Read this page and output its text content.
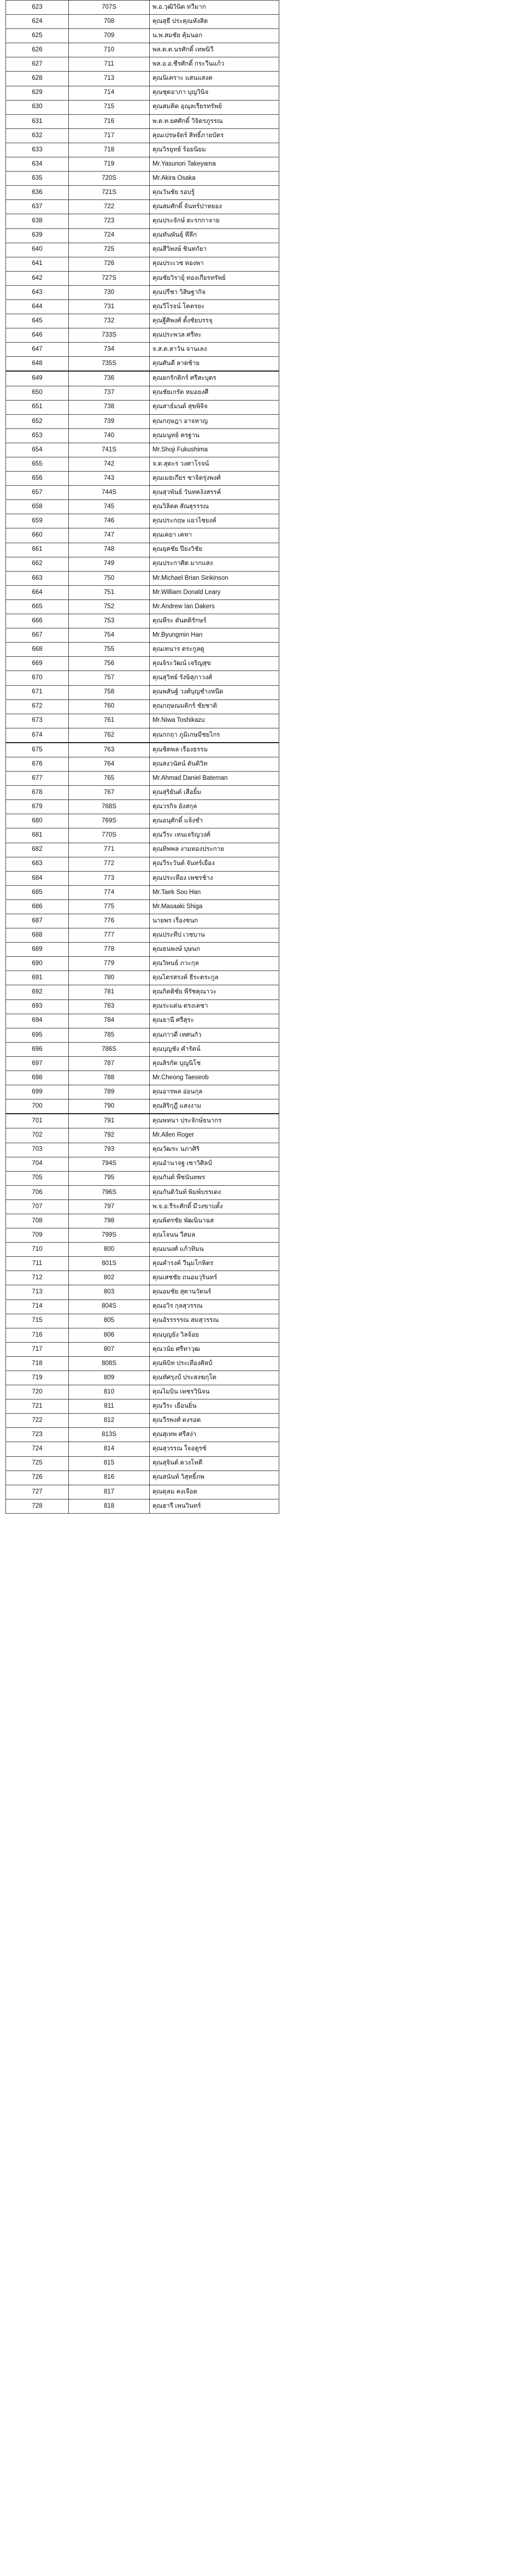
623	707S	พ.อ.วุฒิวินิต ทวีมาก
624	708	คุณสุธี ประคุณหังสิต
625	709	น.พ.สมชัย คุ้มนอก
626	710	พล.ต.ต.นรศักดิ์ เทพนิวี
627	711	พล.อ.อ.ชีรศักดิ์ กระวีนแก้ว
628	713	คุณนิเคราะ แสนแสงต
629	714	คุณชุดอาภา บุญวินิจ
630	715	คุณสมคิด อุณุลเรียรทรัพย์
631	716	พ.ต.ท.ยศศักดิ์ วิจิตรภูรรณ
632	717	คุณเปรษจัตร์ สิทธิ์ภายบัตร
633	718	คุณวิรยุทธ์ ร้อยนิยม
634	719	Mr.Yasunori Takeyama
635	720S	Mr.Akira Osaka
636	721S	คุณวันชัย รอบรู้
637	722	คุณสมศักดิ์ จันทร์ปาหยอง
638	723	คุณประจักษ์ ตะรกกาจาย
639	724	คุณทันพันธุ์ ทีลึก
640	725	คุณสีวิพงษ์ ชินทกัยา
641	726	คุณประเวช ทองพา
642	727S	คุณชัยวิรายุ์ ทองเกียรทรัพย์
643	730	คุณปรีชา วิสิษฐากิจ
644	731	คุณวีโรจน์ โคตรยะ
645	732	คุณฐีศิพงศ์ ตั้งชัยบรรจุ
646	733S	คุณประพวล ศรีทะ
647	734	จ.ส.ต.สาวัน จานเลง
648	735S	คุณศันตี ลาดช้าย
649	736	คุณยกรักติกร์ ศรีสะบุตร
650	737	คุณชัยเกรัต หมอยงศี
651	738	คุณสาธ์มนต์ สุขพิจิจ
652	739	คุณกฤษฎา อาจหาญ
653	740	คุณมนูทย์ ครฐาน
654	741S	Mr.Shoji Fukushima
655	742	จ.ต.สุตะร วงศาโรจน์
656	743	คุณเมธเกียร ชาจิตรุ่งพงศ์
657	744S	คุณสุวพันธ์ วันทคงังสรรค์
658	745	คุณวิลิตต สัณฐุรรรณ
659	746	คุณประกฤษ แยวไชยงค์
660	747	คุณเคยา เคทา
661	748	คุณยุคชัย ปียงวิชัย
662	749	คุณประกาศิต มากแสง
663	750	Mr.Michael Brian Sinkinson
664	751	Mr.William Donald Leary
665	752	Mr.Andrew Ian Dakers
666	753	คุณพีระ ตันตติรักษร์
667	754	Mr.Byungmin Han
668	755	คุณเทนาร ตระกูลดู
669	756	คุณจิระวัฒน์ เจริญสุข
670	757	คุณสุวิทย์ รังษิสุภาวงศ์
671	758	คุณพสันฐ์ วงศ์บุญชำงหนีด
672	760	คุณกฤษณมติกร์ ชัยชาติ
673	761	Mr.Niwa Toshikazu
674	762	คุณกกฤา ภูมิเกษมีชยไกร
675	763	คุณชิตพล เรืองธรรม
676	764	คุณสงวนัตน์ ตันติวิท
677	765	Mr.Ahmad Daniel Bateman
678	767	คุณสุริยันต์ เสือยิ้ม
679	768S	คุณวรกิจ ยังสกุล
680	769S	คุณอนุศักดิ์ แจ้งชำ
681	770S	คุณวีระ เทนเจริญวงศ์
682	771	คุณทิพพล งามทองประกาย
683	772	คุณวีระวันต์ จันทร์เยือง
684	773	คุณประเทือง เพชรช้าง
685	774	Mr.Taek Soo Han
686	775	Mr.Masaaki Shiga
687	776	นายพร เรืองชนก
688	777	คุณประทีป เวชบาน
689	778	คุณธนพงษ์ บุษนก
690	779	คุณวิพนธ์ ภวะกุล
691	780	คุณไตรสรงค์ ธีระตระกูล
692	781	คุณกิตติชัย พีรัชคุณาวะ
693	783	คุณระแต่น ตรงเดชา
694	784	คุณธานี ศรีสุระ
695	785	คุณภาวดี เทศนกัว
696	786S	คุณบุญชัง คำรัตน์
697	787	คุณสิรกัด บุญนิโช
698	788	Mr.Cheong Taeseob
699	789	คุณอารพล อ่อนกุล
700	790	คุณสิริกุฎี แสงงาม
701	791	คุณพหนา ประจักษ์ธนากร
702	792	Mr.Allen Roger
703	793	คุณวัฒระ นภาศิริ
704	794S	คุณอำนาจฐ เซาวิศิลป์
705	795	คุณกันต์ พืชนันทพร
706	796S	คุณกันติวันท์ พิมพ์บรรเดง
707	797	พ.จ.อ.รีระศักดิ์ มีวงขาบตั้ง
708	798	คุณพิตรชัย พัฒนินาฉส
709	799S	คุณโจนน วีสมล
710	800	คุณมนงศ์ แก้วทิมน
711	801S	คุณคำรงค์ วีนุมโกหิตร
712	802	คุณเสชชัย ถนอมวุรินทร์
713	803	คุณอมชัย สุดานวัตนร์
714	804S	คุณอวิร กุลสุวรรณ
715	805	คุณอัรรรรรณ สมสุวรรณ
716	806	คุณบุญยัง วิลจ้อย
717	807	คุณวนัย ศรีทาวุฒ
718	808S	คุณพิบิท ประเทืองศิลป์
719	809	คุณทัศรุงป์ ประสงฆกุโต
720	810	คุณไมบิน เพชรวินิจน
721	811	คุณวีระ เยือนยิ่น
722	812	คุณวีรพงศ์ ดงรอด
723	813S	คุณสุเทพ ศรีสง่า
724	814	คุณสุวรรณ ใจอตูรซ์
725	815	คุณสุจินต์ ดวงโหดี
726	816	คุณสนันท์ วิสุทธิ์ภพ
727	817	คุณดุลม คงเจือต
728	818	คุณฮารี เพนวินทร์
